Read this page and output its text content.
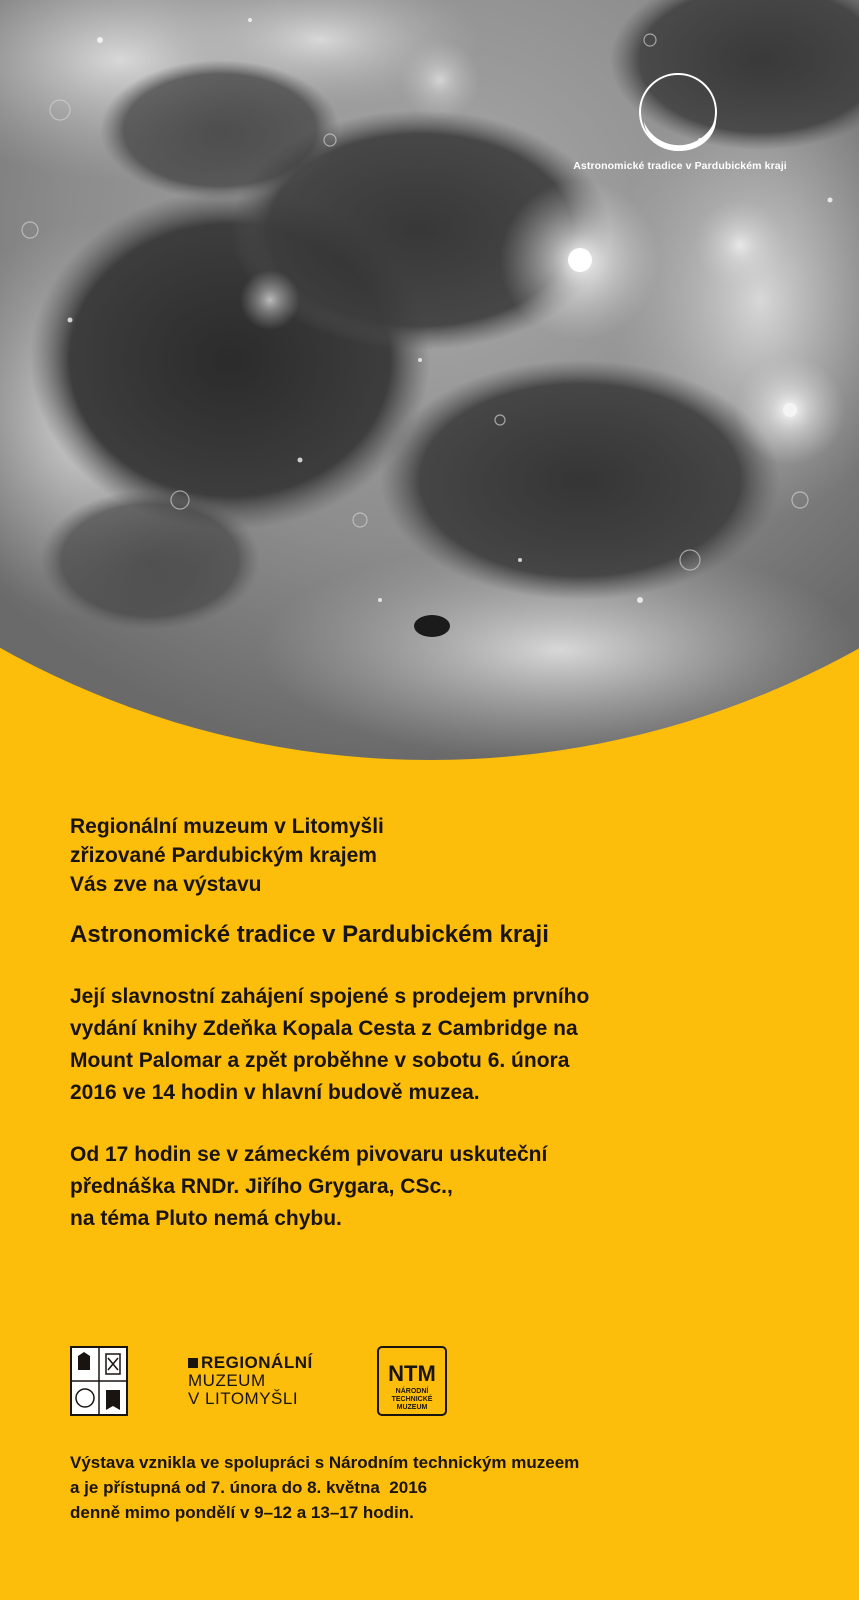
Astronomické tradice v Pardubickém kraji
Regionální muzeum v Litomyšli
zřizované Pardubickým krajem
Vás zve na výstavu
Astronomické tradice v Pardubickém kraji
Její slavnostní zahájení spojené s prodejem prvního
vydání knihy Zdeňka Kopala Cesta z Cambridge na
Mount Palomar a zpět proběhne v sobotu 6. února
2016 ve 14 hodin v hlavní budově muzea.
Od 17 hodin se v zámeckém pivovaru uskuteční
přednáška RNDr. Jiřího Grygara, CSc.,
na téma Pluto nemá chybu.
REGIONÁLNÍ
MUZEUM
V LITOMYŠLI
NTM
NÁRODNÍ
TECHNICKÉ
MUZEUM
Výstava vznikla ve spolupráci s Národním technickým muzeem
a je přístupná od 7. února do 8. května  2016
denně mimo pondělí v 9–12 a 13–17 hodin.
